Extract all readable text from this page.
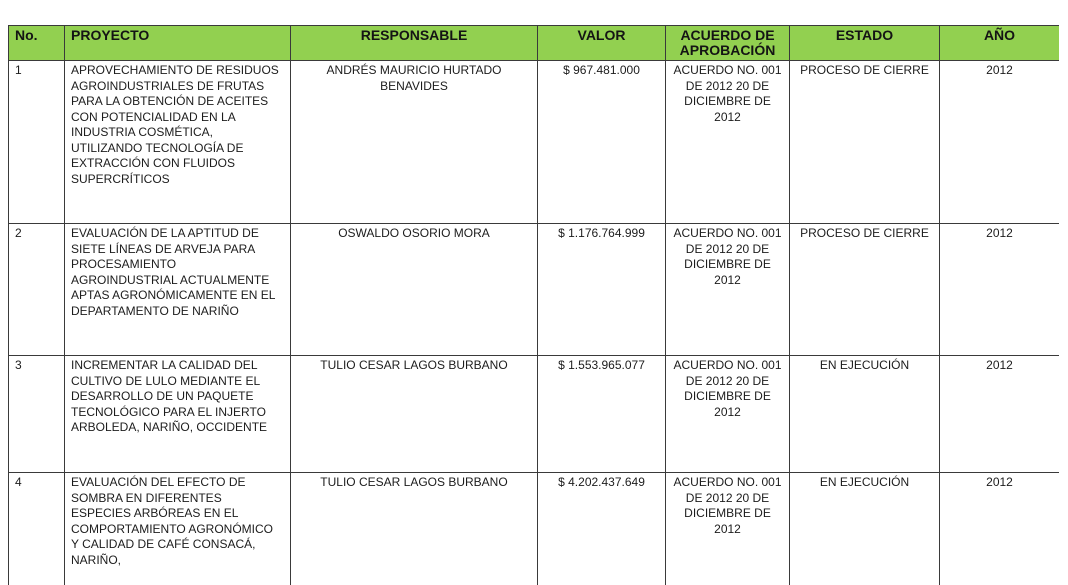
No.	PROYECTO	RESPONSABLE	VALOR	ACUERDO DE APROBACIÓN	ESTADO	AÑO
1	APROVECHAMIENTO DE RESIDUOS AGROINDUSTRIALES DE FRUTAS PARA LA OBTENCIÓN DE ACEITES CON POTENCIALIDAD EN LA INDUSTRIA COSMÉTICA, UTILIZANDO TECNOLOGÍA DE EXTRACCIÓN CON FLUIDOS SUPERCRÍTICOS	ANDRÉS MAURICIO HURTADO BENAVIDES	$ 967.481.000	ACUERDO NO. 001 DE 2012 20 DE DICIEMBRE DE 2012	PROCESO DE CIERRE	2012
2	EVALUACIÓN DE LA APTITUD DE SIETE LÍNEAS DE ARVEJA PARA PROCESAMIENTO AGROINDUSTRIAL ACTUALMENTE APTAS AGRONÓMICAMENTE EN EL DEPARTAMENTO DE NARIÑO	OSWALDO OSORIO MORA	$ 1.176.764.999	ACUERDO NO. 001 DE 2012 20 DE DICIEMBRE DE 2012	PROCESO DE CIERRE	2012
3	INCREMENTAR LA CALIDAD DEL CULTIVO DE LULO MEDIANTE EL DESARROLLO DE UN PAQUETE TECNOLÓGICO PARA EL INJERTO ARBOLEDA, NARIÑO, OCCIDENTE	TULIO CESAR LAGOS BURBANO	$ 1.553.965.077	ACUERDO NO. 001 DE 2012 20 DE DICIEMBRE DE 2012	EN EJECUCIÓN	2012
4	EVALUACIÓN DEL EFECTO DE SOMBRA EN DIFERENTES ESPECIES ARBÓREAS EN EL COMPORTAMIENTO AGRONÓMICO Y CALIDAD DE CAFÉ CONSACÁ, NARIÑO,	TULIO CESAR LAGOS BURBANO	$ 4.202.437.649	ACUERDO NO. 001 DE 2012 20 DE DICIEMBRE DE 2012	EN EJECUCIÓN	2012
